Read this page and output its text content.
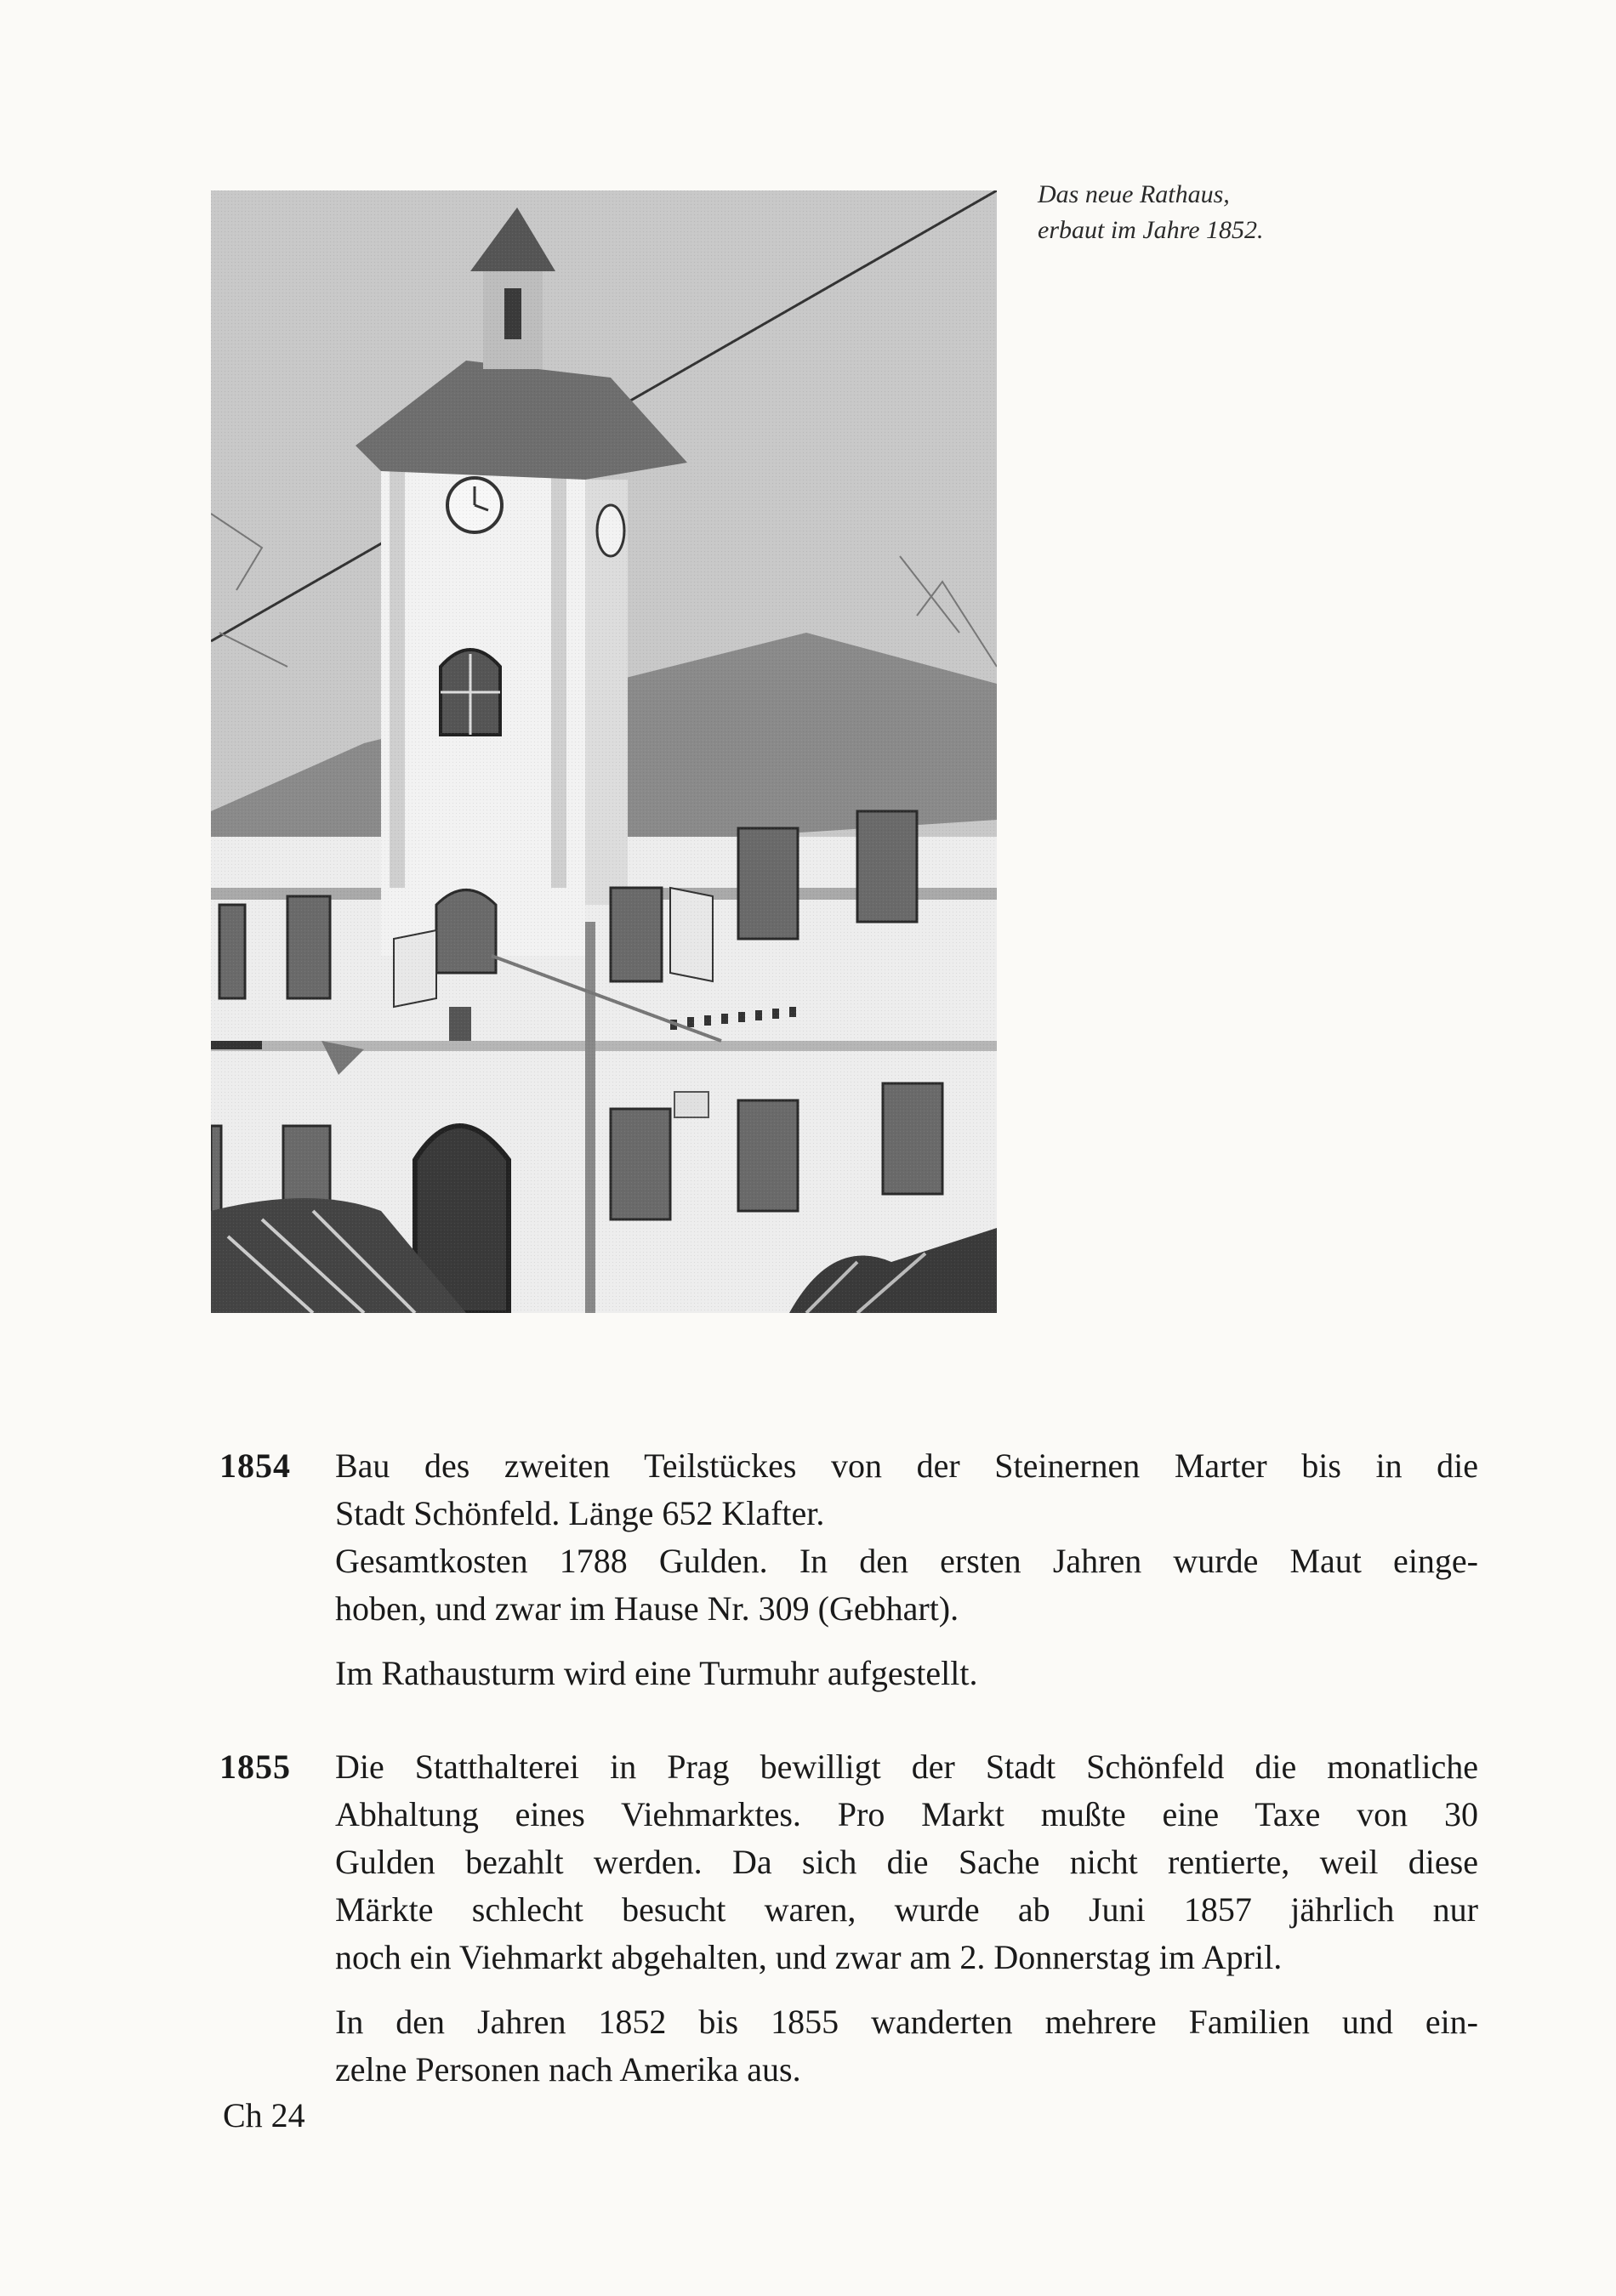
Das neue Rathaus,
erbaut im Jahre 1852.
1854 Bau des zweiten Teilstückes von der Steinernen Marter bis in die
Stadt Schönfeld. Länge 652 Klafter.
Gesamtkosten 1788 Gulden. In den ersten Jahren wurde Maut einge-
hoben, und zwar im Hause Nr. 309 (Gebhart).
Im Rathausturm wird eine Turmuhr aufgestellt.
1855 Die Statthalterei in Prag bewilligt der Stadt Schönfeld die monatliche
Abhaltung eines Viehmarktes. Pro Markt mußte eine Taxe von 30
Gulden bezahlt werden. Da sich die Sache nicht rentierte, weil diese
Märkte schlecht besucht waren, wurde ab Juni 1857 jährlich nur
noch ein Viehmarkt abgehalten, und zwar am 2. Donnerstag im April.
In den Jahren 1852 bis 1855 wanderten mehrere Familien und ein-
zelne Personen nach Amerika aus.
Ch 24
